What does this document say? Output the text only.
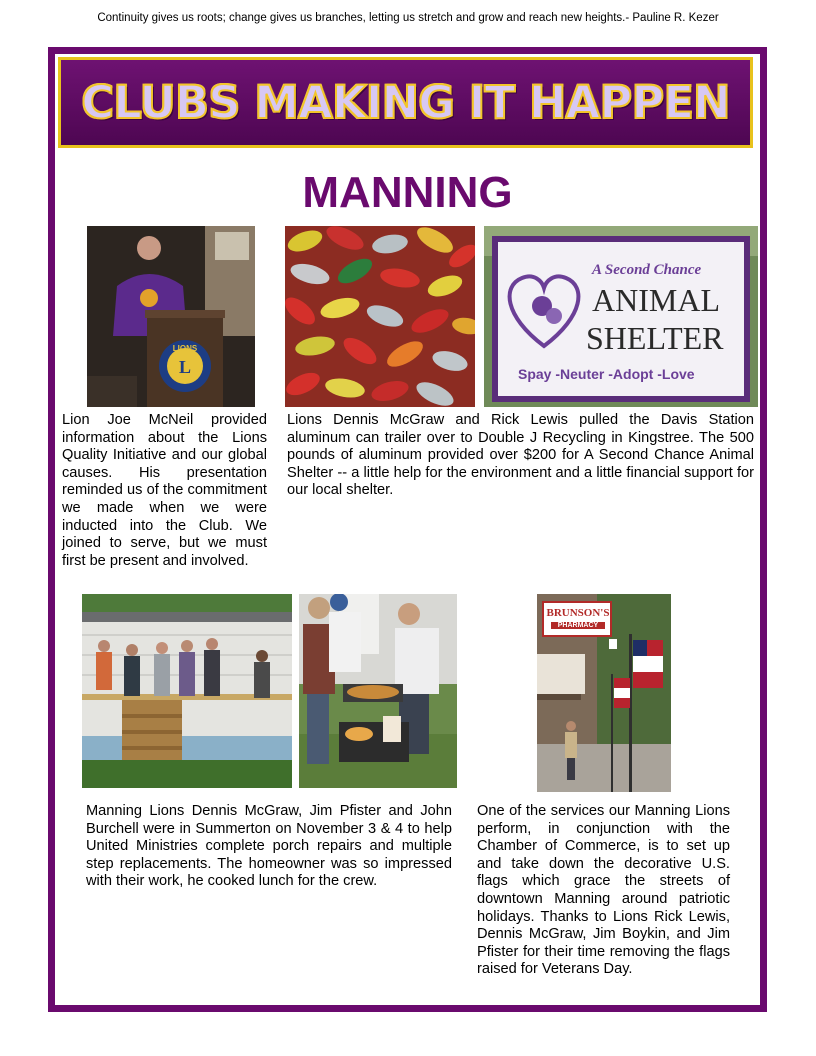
Continuity gives us roots; change gives us branches, letting us stretch and grow and reach new heights.- Pauline R. Kezer
CLUBS MAKING IT HAPPEN
MANNING
LIONS
L
A Second Chance
ANIMAL
SHELTER
Spay -Neuter -Adopt -Love
Lion Joe McNeil provided information about the Lions Quality Initiative and our global causes. His presentation reminded us of the commitment we made when we were inducted into the Club. We joined to serve, but we must first be present and involved.
Lions Dennis McGraw and Rick Lewis pulled the Davis Station aluminum can trailer over to Double J Recycling in Kingstree. The 500 pounds of aluminum provided over $200 for A Second Chance Animal Shelter -- a little help for the environment and a little financial support for our local shelter.
BRUNSON'S
PHARMACY
Manning Lions Dennis McGraw, Jim Pfister and John Burchell were in Summerton on November 3 & 4 to help United Ministries complete porch repairs and multiple step replacements. The homeowner was so impressed with their work, he cooked lunch for the crew.
One of the services our Manning Lions perform, in conjunction with the Chamber of Commerce, is to set up and take down the decorative U.S. flags which grace the streets of downtown Manning around patriotic holidays. Thanks to Lions Rick Lewis, Dennis McGraw, Jim Boykin, and Jim Pfister for their time removing the flags raised for Veterans Day.
